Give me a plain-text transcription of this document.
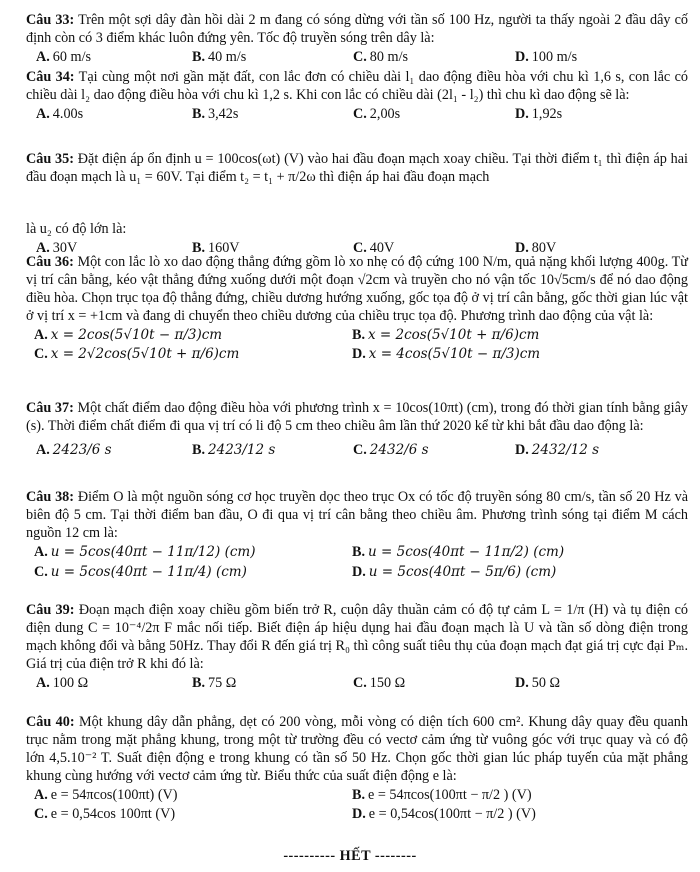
Câu 33: Trên một sợi dây đàn hồi dài 2 m đang có sóng dừng với tần số 100 Hz, người ta thấy ngoài 2 đầu dây cố định còn có 3 điểm khác luôn đứng yên. Tốc độ truyền sóng trên dây là:

A. 60 m/s	B. 40 m/s	C. 80 m/s	D. 100 m/s

Câu 34: Tại cùng một nơi gần mặt đất, con lắc đơn có chiều dài l₁ dao động điều hòa với chu kì 1,6 s, con lắc có chiều dài l₂ dao động điều hòa với chu kì 1,2 s. Khi con lắc có chiều dài (2l₁ - l₂) thì chu kì dao động sẽ là:

A. 4.00s	B. 3,42s	C. 2,00s	D. 1,92s

Câu 35: Đặt điện áp ổn định u = 100cos(ωt) (V) vào hai đầu đoạn mạch xoay chiều. Tại thời điểm t₁ thì điện áp hai đầu đoạn mạch là u₁ = 60V. Tại điểm t₂ = t₁ + π/2ω thì điện áp hai đầu đoạn mạch

là u₂ có độ lớn là:

A. 30V	B. 160V	C. 40V	D. 80V

Câu 36: Một con lắc lò xo dao động thẳng đứng gồm lò xo nhẹ có độ cứng 100 N/m, quả nặng khối lượng 400g. Từ vị trí cân bằng, kéo vật thẳng đứng xuống dưới một đoạn √2cm và truyền cho nó vận tốc 10√5cm/s để nó dao động điều hòa. Chọn trục tọa độ thẳng đứng, chiều dương hướng xuống, gốc tọa độ ở vị trí cân bằng, gốc thời gian lúc vật ở vị trí x = +1cm và đang di chuyển theo chiều dương của chiều trục tọa độ. Phương trình dao động của vật là:

A. x = 2cos(5√10t − π/3)cm	B. x = 2cos(5√10t + π/6)cm
C. x = 2√2cos(5√10t + π/6)cm	D. x = 4cos(5√10t − π/3)cm

Câu 37: Một chất điểm dao động điều hòa với phương trình x = 10cos(10πt) (cm), trong đó thời gian tính bằng giây (s). Thời điểm chất điểm đi qua vị trí có li độ 5 cm theo chiều âm lần thứ 2020 kể từ khi bắt đầu dao động là:

A. 2423/6 s	B. 2423/12 s	C. 2432/6 s	D. 2432/12 s

Câu 38: Điểm O là một nguồn sóng cơ học truyền dọc theo trục Ox có tốc độ truyền sóng 80 cm/s, tần số 20 Hz và biên độ 5 cm. Tại thời điểm ban đầu, O đi qua vị trí cân bằng theo chiều âm. Phương trình sóng tại điểm M cách nguồn 12 cm là:

A. u = 5cos(40πt − 11π/12) (cm)	B. u = 5cos(40πt − 11π/2) (cm)
C. u = 5cos(40πt − 11π/4) (cm)	D. u = 5cos(40πt − 5π/6) (cm)

Câu 39: Đoạn mạch điện xoay chiều gồm biến trở R, cuộn dây thuần cảm có độ tự cảm L = 1/π (H) và tụ điện có điện dung C = 10⁻⁴/2π F mắc nối tiếp. Biết điện áp hiệu dụng hai đầu đoạn mạch là U và tần số dòng điện trong mạch không đổi và bằng 50Hz. Thay đổi R đến giá trị R₀ thì công suất tiêu thụ của đoạn mạch đạt giá trị cực đại Pₘ. Giá trị của điện trở R khi đó là:

A. 100 Ω	B. 75 Ω	C. 150 Ω	D. 50 Ω

Câu 40: Một khung dây dẫn phẳng, dẹt có 200 vòng, mỗi vòng có diện tích 600 cm². Khung dây quay đều quanh trục nằm trong mặt phẳng khung, trong một từ trường đều có vectơ cảm ứng từ vuông góc với trục quay và có độ lớn 4,5.10⁻² T. Suất điện động e trong khung có tần số 50 Hz. Chọn gốc thời gian lúc pháp tuyến của mặt phẳng khung cùng hướng với vectơ cảm ứng từ. Biểu thức của suất điện động e là:

A. e = 54πcos(100πt) (V)	B. e = 54πcos(100πt − π/2 ) (V)
C. e = 0,54cos 100πt (V)	D. e = 0,54cos(100πt − π/2 ) (V)
---------- HẾT --------
